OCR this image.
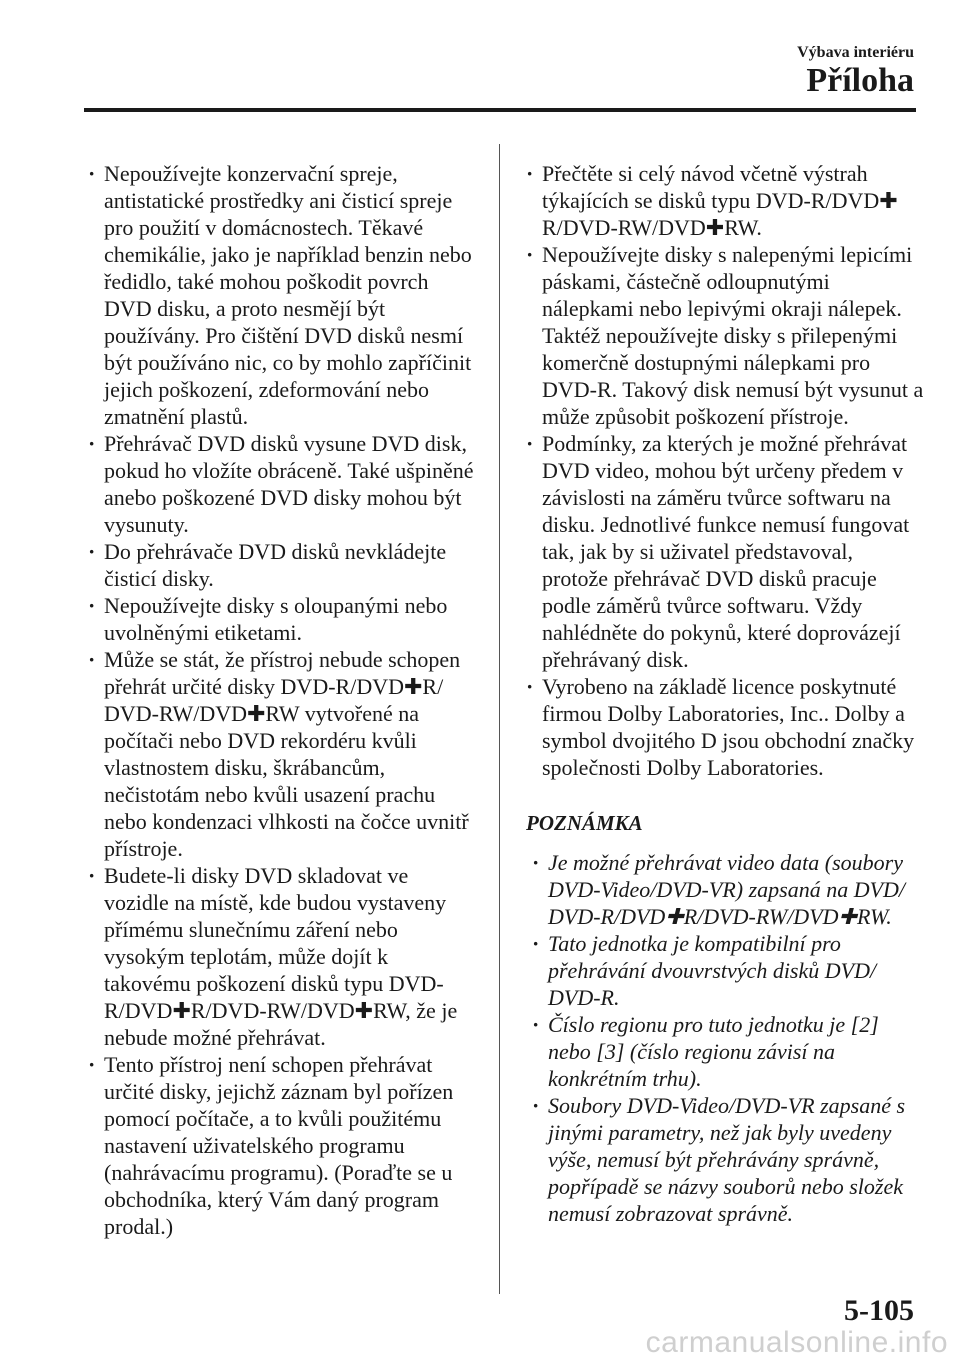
Výbava interiéru
Příloha
· Nepoužívejte konzervační spreje, antistatické prostředky ani čisticí spreje pro použití v domácnostech. Těkavé chemikálie, jako je například benzin nebo ředidlo, také mohou poškodit povrch DVD disku, a proto nesmějí být používány. Pro čištění DVD disků nesmí být používáno nic, co by mohlo zapříčinit jejich poškození, zdeformování nebo zmatnění plastů.
· Přehrávač DVD disků vysune DVD disk, pokud ho vložíte obráceně. Také ušpiněné anebo poškozené DVD disky mohou být vysunuty.
· Do přehrávače DVD disků nevkládejte čisticí disky.
· Nepoužívejte disky s oloupanými nebo uvolněnými etiketami.
· Může se stát, že přístroj nebude schopen přehrát určité disky DVD-R/DVD✚R/ DVD-RW/DVD✚RW vytvořené na počítači nebo DVD rekordéru kvůli vlastnostem disku, škrábancům, nečistotám nebo kvůli usazení prachu nebo kondenzaci vlhkosti na čočce uvnitř přístroje.
· Budete-li disky DVD skladovat ve vozidle na místě, kde budou vystaveny přímému slunečnímu záření nebo vysokým teplotám, může dojít k takovému poškození disků typu DVD-R/DVD✚R/DVD-RW/DVD✚RW, že je nebude možné přehrávat.
· Tento přístroj není schopen přehrávat určité disky, jejichž záznam byl pořízen pomocí počítače, a to kvůli použitému nastavení uživatelského programu (nahrávacímu programu). (Poraďte se u obchodníka, který Vám daný program prodal.)
· Přečtěte si celý návod včetně výstrah týkajících se disků typu DVD-R/DVD✚ R/DVD-RW/DVD✚RW.
· Nepoužívejte disky s nalepenými lepicími páskami, částečně odloupnutými nálepkami nebo lepivými okraji nálepek. Taktéž nepoužívejte disky s přilepenými komerčně dostupnými nálepkami pro DVD-R. Takový disk nemusí být vysunut a může způsobit poškození přístroje.
· Podmínky, za kterých je možné přehrávat DVD video, mohou být určeny předem v závislosti na záměru tvůrce softwaru na disku. Jednotlivé funkce nemusí fungovat tak, jak by si uživatel představoval, protože přehrávač DVD disků pracuje podle záměrů tvůrce softwaru. Vždy nahlédněte do pokynů, které doprovázejí přehrávaný disk.
· Vyrobeno na základě licence poskytnuté firmou Dolby Laboratories, Inc.. Dolby a symbol dvojitého D jsou obchodní značky společnosti Dolby Laboratories.
POZNÁMKA
· Je možné přehrávat video data (soubory DVD-Video/DVD-VR) zapsaná na DVD/ DVD-R/DVD✚R/DVD-RW/DVD✚RW.
· Tato jednotka je kompatibilní pro přehrávání dvouvrstvých disků DVD/ DVD-R.
· Číslo regionu pro tuto jednotku je [2] nebo [3] (číslo regionu závisí na konkrétním trhu).
· Soubory DVD-Video/DVD-VR zapsané s jinými parametry, než jak byly uvedeny výše, nemusí být přehrávány správně, popřípadě se názvy souborů nebo složek nemusí zobrazovat správně.
5-105
carmanualsonline.info
